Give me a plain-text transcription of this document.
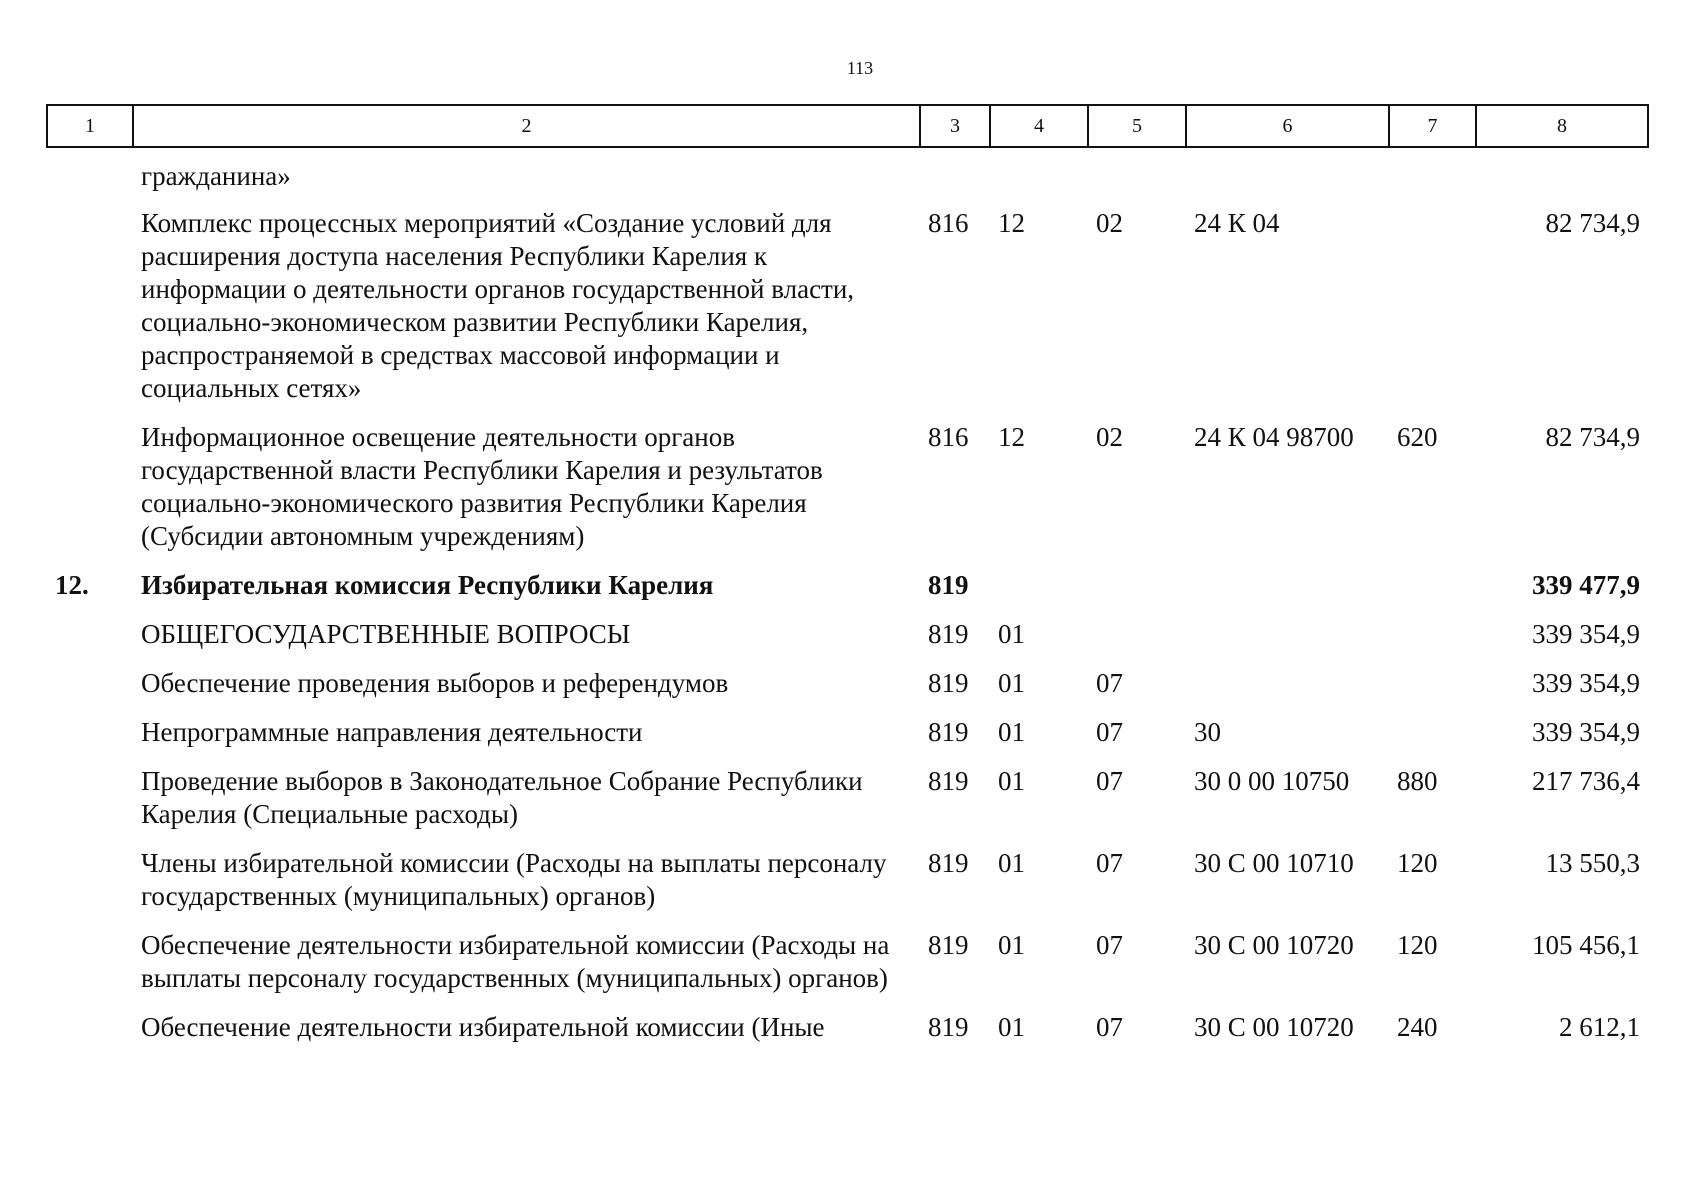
113
1	2	3	4	5	6	7	8
	гражданина»						
	Комплекс процессных мероприятий «Создание условий для расширения доступа населения Республики Карелия к информации о деятельности органов государственной власти, социально-экономическом развитии Республики Карелия, распространяемой в средствах массовой информации и социальных сетях»	816	12	02	24 К 04		82 734,9
	Информационное освещение деятельности органов государственной власти Республики Карелия и результатов социально-экономического развития Республики Карелия (Субсидии автономным учреждениям)	816	12	02	24 К 04 98700	620	82 734,9
12.	Избирательная комиссия Республики Карелия	819					339 477,9
	ОБЩЕГОСУДАРСТВЕННЫЕ ВОПРОСЫ	819	01				339 354,9
	Обеспечение проведения выборов и референдумов	819	01	07			339 354,9
	Непрограммные направления деятельности	819	01	07	30		339 354,9
	Проведение выборов в Законодательное Собрание Республики Карелия (Специальные расходы)	819	01	07	30 0 00 10750	880	217 736,4
	Члены избирательной комиссии (Расходы на выплаты персоналу государственных (муниципальных) органов)	819	01	07	30 С 00 10710	120	13 550,3
	Обеспечение деятельности избирательной комиссии (Расходы на выплаты персоналу государственных (муниципальных) органов)	819	01	07	30 С 00 10720	120	105 456,1
	Обеспечение деятельности избирательной комиссии (Иные	819	01	07	30 С 00 10720	240	2 612,1
